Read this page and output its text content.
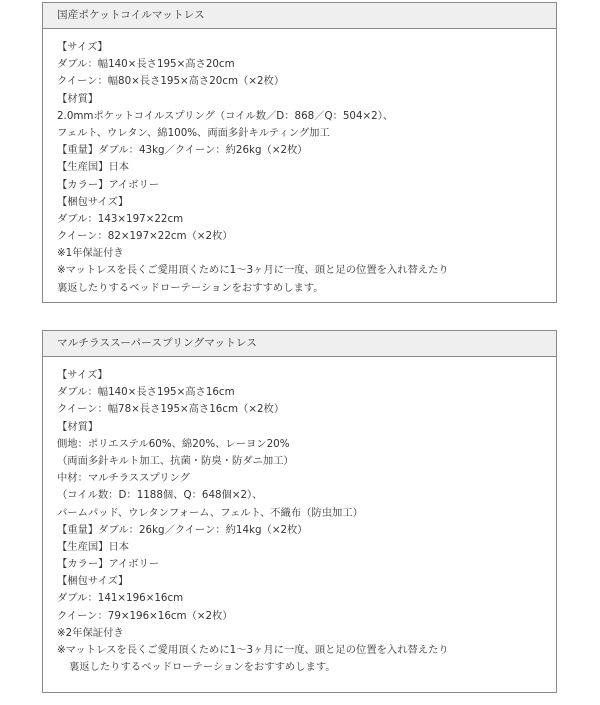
国産ポケットコイルマットレス
【サイズ】
ダブル：幅140×長さ195×高さ20cm
クイーン：幅80×長さ195×高さ20cm（×2枚）
【材質】
2.0mmポケットコイルスプリング（コイル数／D：868／Q：504×2）、
フェルト、ウレタン、綿100%、両面多針キルティング加工
【重量】ダブル：43kg／クイーン：約26kg（×2枚）
【生産国】日本
【カラー】アイボリー
【梱包サイズ】
ダブル：143×197×22cm
クイーン：82×197×22cm（×2枚）
※1年保証付き
※マットレスを長くご愛用頂くために1〜3ヶ月に一度、頭と足の位置を入れ替えたり
裏返したりするベッドローテーションをおすすめします。
マルチラススーパースプリングマットレス
【サイズ】
ダブル：幅140×長さ195×高さ16cm
クイーン：幅78×長さ195×高さ16cm（×2枚）
【材質】
側地：ポリエステル60%、綿20%、レーヨン20%
（両面多針キルト加工、抗菌・防臭・防ダニ加工）
中材：マルチラススプリング
（コイル数：D：1188個、Q：648個×2）、
パームパッド、ウレタンフォーム、フェルト、不織布（防虫加工）
【重量】ダブル：26kg／クイーン：約14kg（×2枚）
【生産国】日本
【カラー】アイボリー
【梱包サイズ】
ダブル：141×196×16cm
クイーン：79×196×16cm（×2枚）
※2年保証付き
※マットレスを長くご愛用頂くために1〜3ヶ月に一度、頭と足の位置を入れ替えたり
裏返したりするベッドローテーションをおすすめします。
